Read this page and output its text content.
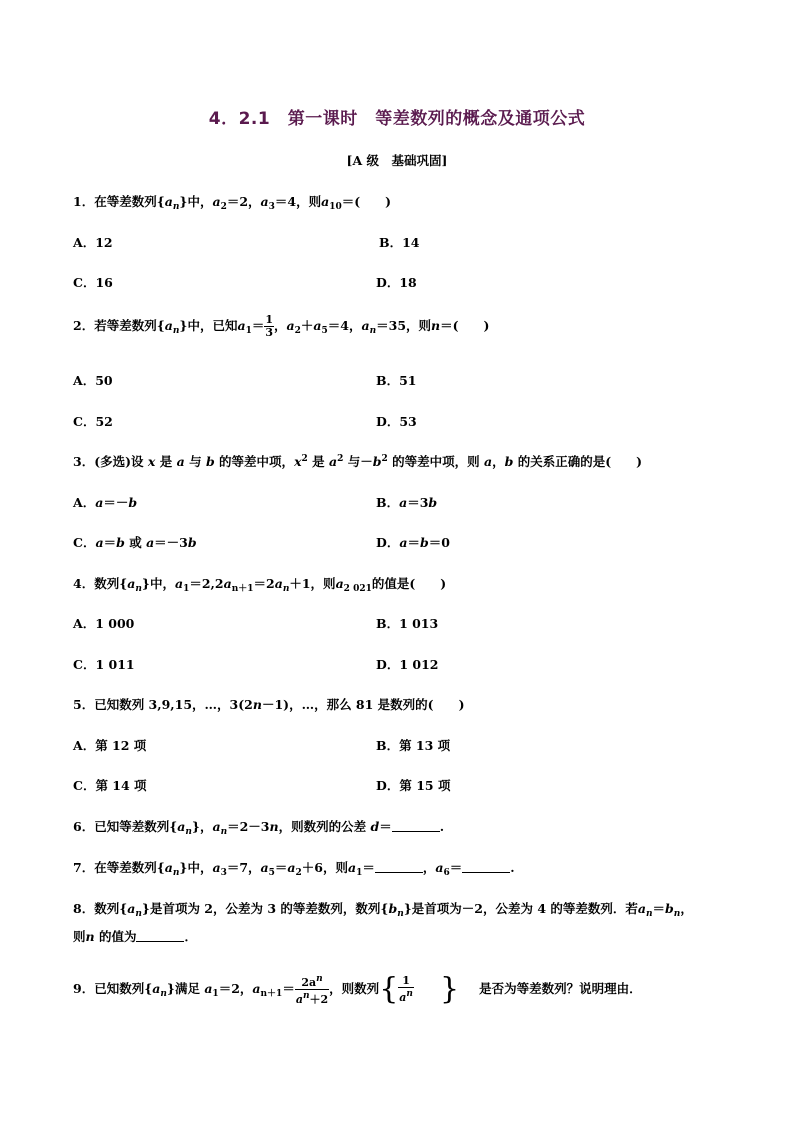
4．2.1　第一课时　等差数列的概念及通项公式
[A 级　基础巩固]
1．在等差数列$\{a_n\}$中，$a_2=2$，$a_3=4$，则$a_{10}=$(　　)
A．12	B．14
C．16	D．18
2．若等差数列$\{a_n\}$中，已知$a_1= \frac{1}{3}$ ，$a_2+a_5=4$，$a_n=35$，则n＝(　　)
A．50	B．51
C．52	D．53
3．(多选)设 x 是 a 与 b 的等差中项，$x^2$ 是 $a^2$ 与$-b^2$ 的等差中项，则 a，b 的关系正确的是(　　)
A．a＝－b	B．a＝3b
C．a＝b 或 a＝－3b	D．a＝b＝0
4．数列$\{a_n\}$中，$a_1=2,2a_{n+1}=2a_n+1$，则$a_{2 021}$的值是(　　)
A．1 000	B．1 013
C．1 011	D．1 012
5．已知数列 3,9,15，…，3(2n－1)，…，那么 81 是数列的(　　)
A．第 12 项	B．第 13 项
C．第 14 项	D．第 15 项
6．已知等差数列$\{a_n\}$，$a_n=2-3n$，则数列的公差 d＝	.
7．在等差数列$\{a_n\}$中，$a_3=7$，$a_5=a_2+6$，则$a_1=$	，$a_6=$	.
8．数列$\{a_n\}$是首项为 2，公差为 3 的等差数列，数列$\{b_n\}$是首项为－2，公差为 4 的等差数列．若$a_n=b_n$，
则n 的值为	．
9．已知数列$\{a_n\}$满足 $a_1=2$，$a_{n+1}= \frac{2a^n}{a^n+2}$ ，则数列{ $\frac{1}{a^n}$ } 是否为等差数列？说明理由．
